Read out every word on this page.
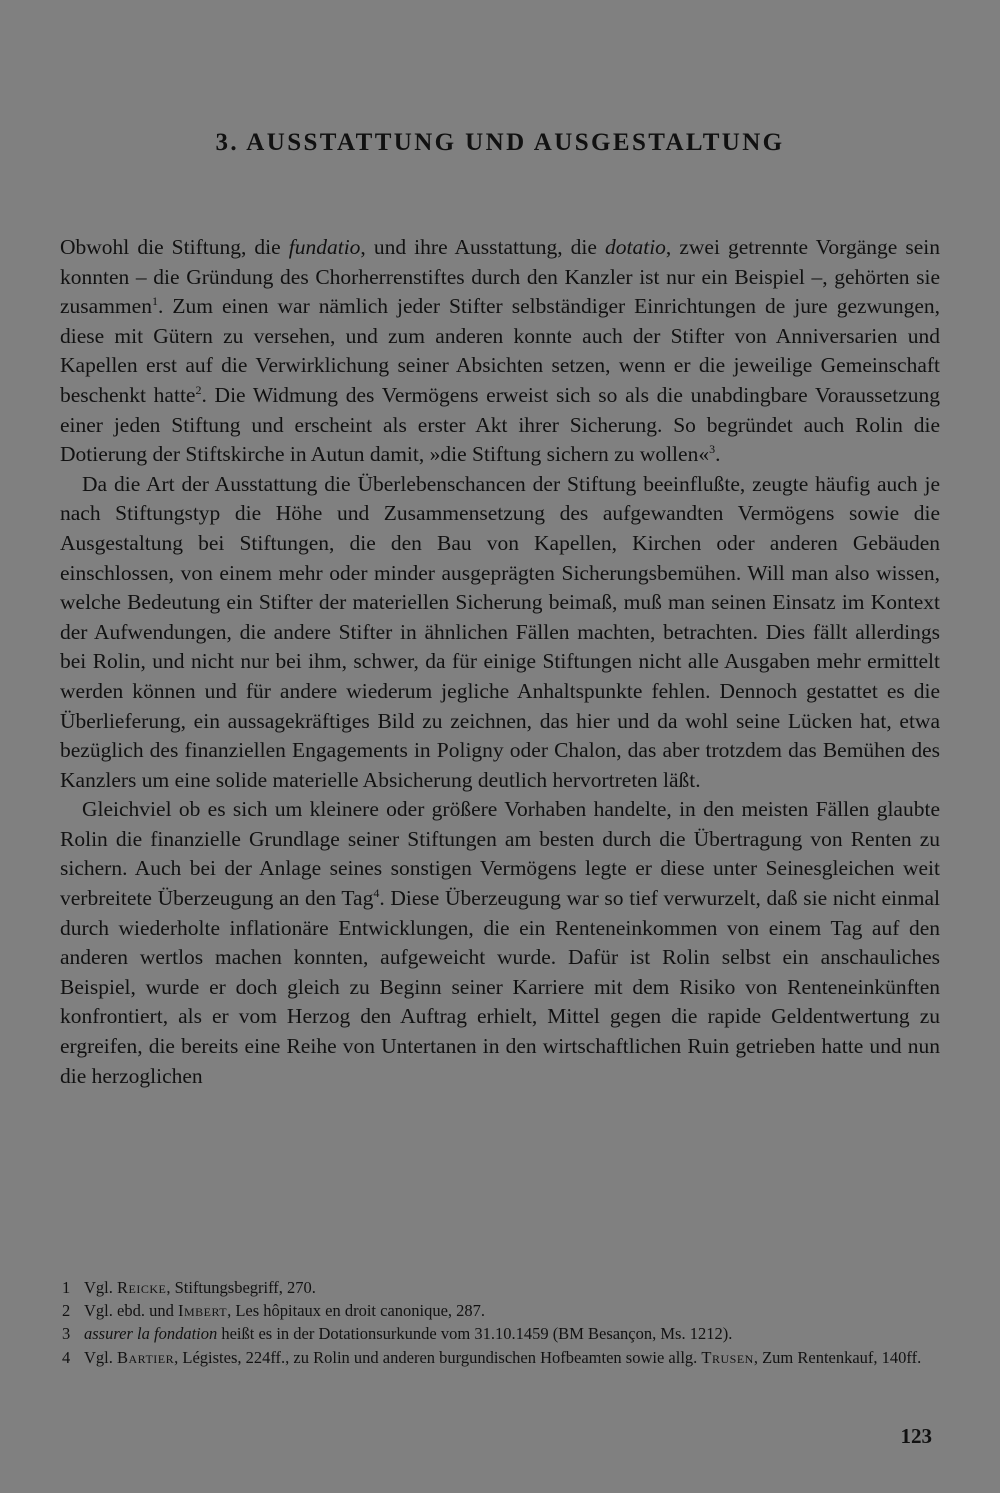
3. AUSSTATTUNG UND AUSGESTALTUNG

Obwohl die Stiftung, die fundatio, und ihre Ausstattung, die dotatio, zwei getrennte Vorgänge sein konnten – die Gründung des Chorherrenstiftes durch den Kanzler ist nur ein Beispiel –, gehörten sie zusammen$^1$. Zum einen war nämlich jeder Stifter selbständiger Einrichtungen de jure gezwungen, diese mit Gütern zu versehen, und zum anderen konnte auch der Stifter von Anniversarien und Kapellen erst auf die Verwirklichung seiner Absichten setzen, wenn er die jeweilige Gemeinschaft beschenkt hatte$^2$. Die Widmung des Vermögens erweist sich so als die unabdingbare Voraussetzung einer jeden Stiftung und erscheint als erster Akt ihrer Sicherung. So begründet auch Rolin die Dotierung der Stiftskirche in Autun damit, »die Stiftung sichern zu wollen«$^3$.

Da die Art der Ausstattung die Überlebenschancen der Stiftung beeinflußte, zeugte häufig auch je nach Stiftungstyp die Höhe und Zusammensetzung des aufgewandten Vermögens sowie die Ausgestaltung bei Stiftungen, die den Bau von Kapellen, Kirchen oder anderen Gebäuden einschlossen, von einem mehr oder minder ausgeprägten Sicherungsbemühen. Will man also wissen, welche Bedeutung ein Stifter der materiellen Sicherung beimaß, muß man seinen Einsatz im Kontext der Aufwendungen, die andere Stifter in ähnlichen Fällen machten, betrachten. Dies fällt allerdings bei Rolin, und nicht nur bei ihm, schwer, da für einige Stiftungen nicht alle Ausgaben mehr ermittelt werden können und für andere wiederum jegliche Anhaltspunkte fehlen. Dennoch gestattet es die Überlieferung, ein aussagekräftiges Bild zu zeichnen, das hier und da wohl seine Lücken hat, etwa bezüglich des finanziellen Engagements in Poligny oder Chalon, das aber trotzdem das Bemühen des Kanzlers um eine solide materielle Absicherung deutlich hervortreten läßt.

Gleichviel ob es sich um kleinere oder größere Vorhaben handelte, in den meisten Fällen glaubte Rolin die finanzielle Grundlage seiner Stiftungen am besten durch die Übertragung von Renten zu sichern. Auch bei der Anlage seines sonstigen Vermögens legte er diese unter Seinesgleichen weit verbreitete Überzeugung an den Tag$^4$. Diese Überzeugung war so tief verwurzelt, daß sie nicht einmal durch wiederholte inflationäre Entwicklungen, die ein Renteneinkommen von einem Tag auf den anderen wertlos machen konnten, aufgeweicht wurde. Dafür ist Rolin selbst ein anschauliches Beispiel, wurde er doch gleich zu Beginn seiner Karriere mit dem Risiko von Renteneinkünften konfrontiert, als er vom Herzog den Auftrag erhielt, Mittel gegen die rapide Geldentwertung zu ergreifen, die bereits eine Reihe von Untertanen in den wirtschaftlichen Ruin getrieben hatte und nun die herzoglichen

1 Vgl. Reicke, Stiftungsbegriff, 270.
2 Vgl. ebd. und Imbert, Les hôpitaux en droit canonique, 287.
3 assurer la fondation heißt es in der Dotationsurkunde vom 31.10.1459 (BM Besançon, Ms. 1212).
4 Vgl. Bartier, Légistes, 224ff., zu Rolin und anderen burgundischen Hofbeamten sowie allg. Trusen, Zum Rentenkauf, 140ff.
123
